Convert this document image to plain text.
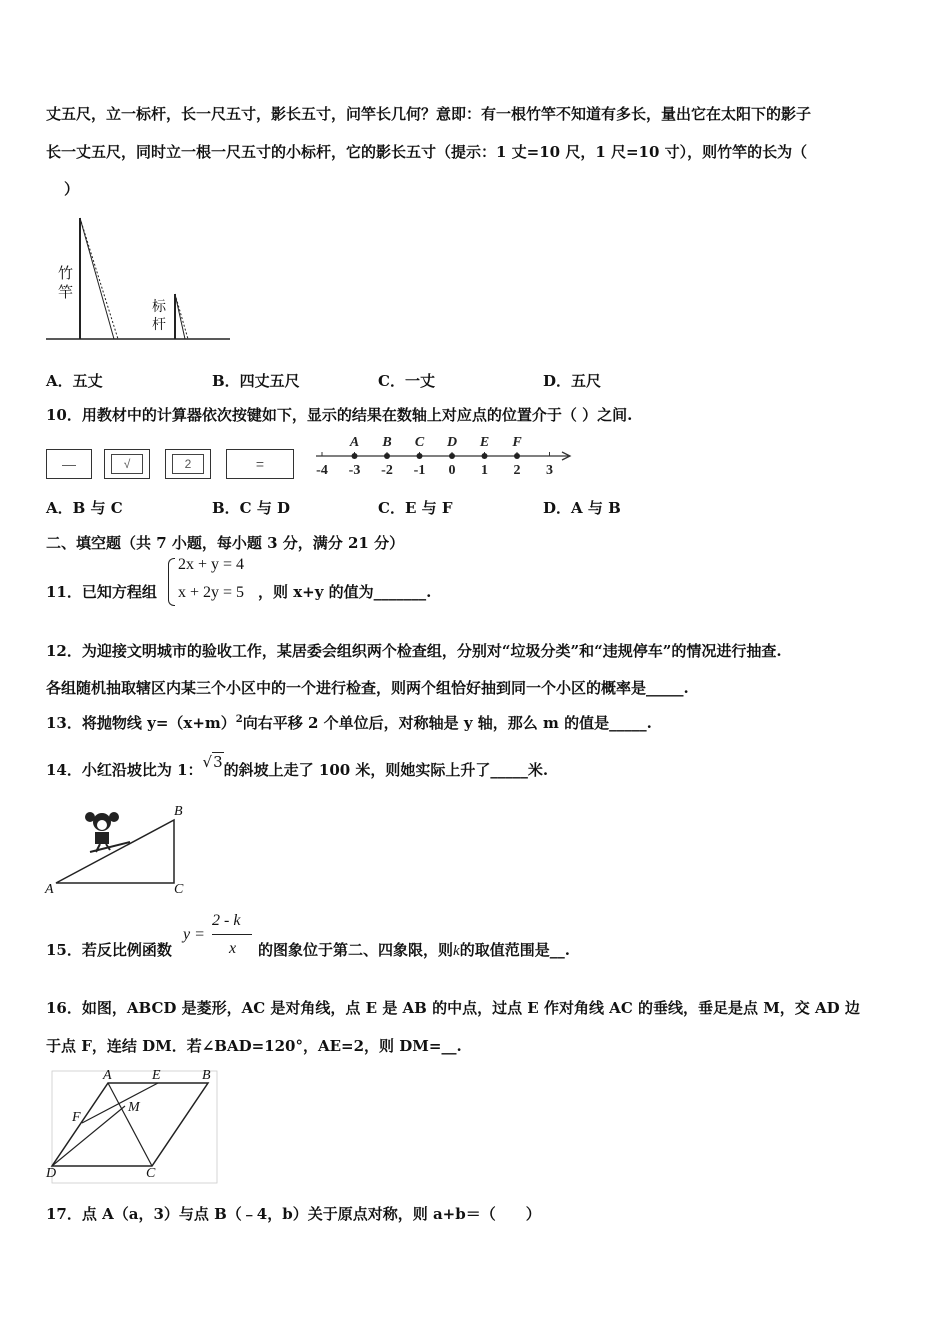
丈五尺，立一标杆，长一尺五寸，影长五寸，问竿长几何？意即：有一根竹竿不知道有多长，量出它在太阳下的影子
长一丈五尺，同时立一根一尺五寸的小标杆，它的影长五寸（提示：1 丈=10 尺，1 尺=10 寸），则竹竿的长为（
）
竹竿
标杆
A．五丈	B．四丈五尺	C．一丈	D．五尺
10．用教材中的计算器依次按键如下，显示的结果在数轴上对应点的位置介于（ ）之间.
—	√	2	=	-4 -3 -2 -1 0 1 2 3
A B C D E F
A．B 与 C	B．C 与 D	C．E 与 F	D．A 与 B
二、填空题（共 7 小题，每小题 3 分，满分 21 分）
11．已知方程组
2x + y = 4
x + 2y = 5 ，则 x+y 的值为_______.
12．为迎接文明城市的验收工作，某居委会组织两个检查组，分别对“垃圾分类”和“违规停车”的情况进行抽查.
各组随机抽取辖区内某三个小区中的一个进行检查，则两个组恰好抽到同一个小区的概率是_____.
13．将抛物线 $y=(x+m)^2$向右平移 2 个单位后，对称轴是 y 轴，那么 m 的值是_____.
14．小红沿坡比为 1：√3的斜坡上走了 100 米，则她实际上升了_____米.
A
B
C
15．若反比例函数
y =
2 - k
x 的图象位于第二、四象限，则k的取值范围是__.
16．如图，ABCD 是菱形，AC 是对角线，点 E 是 AB 的中点，过点 E 作对角线 AC 的垂线，垂足是点 M，交 AD 边
于点 F，连结 DM．若∠BAD=120°，AE=2，则 DM=__.
A	E	B
F
M
D	C
17．点 A（a，3）与点 B（﹣4，b）关于原点对称，则 a+b＝（　　）
